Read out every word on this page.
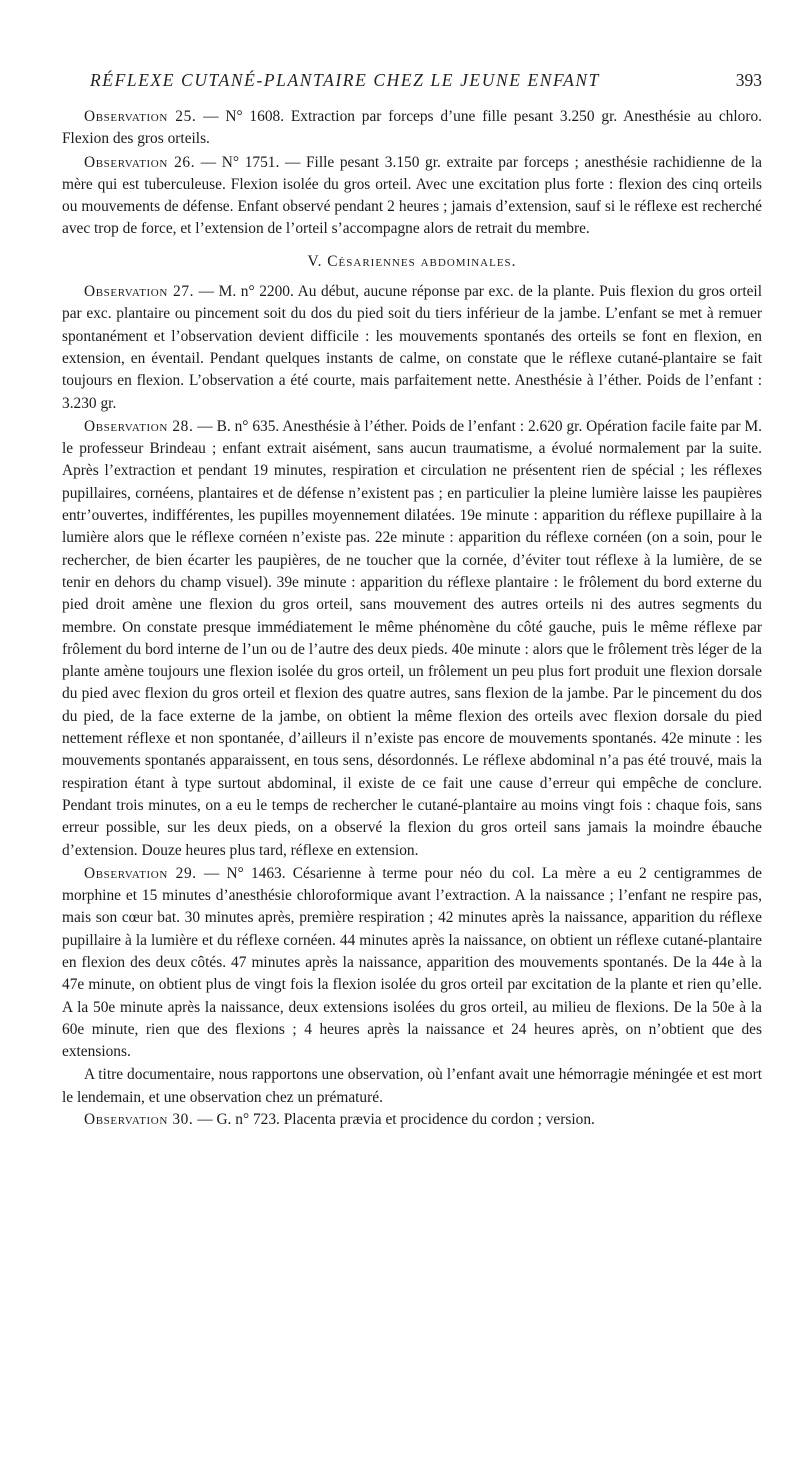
RÉFLEXE CUTANÉ-PLANTAIRE CHEZ LE JEUNE ENFANT	393

Observation 25. — N° 1608. Extraction par forceps d’une fille pesant 3.250 gr. Anesthésie au chloro. Flexion des gros orteils.

Observation 26. — N° 1751. — Fille pesant 3.150 gr. extraite par forceps ; anesthésie rachidienne de la mère qui est tuberculeuse. Flexion isolée du gros orteil. Avec une excitation plus forte : flexion des cinq orteils ou mouvements de défense. Enfant observé pendant 2 heures ; jamais d’extension, sauf si le réflexe est recherché avec trop de force, et l’extension de l’orteil s’accompagne alors de retrait du membre.

V. Césariennes abdominales.

Observation 27. — M. n° 2200. Au début, aucune réponse par exc. de la plante. Puis flexion du gros orteil par exc. plantaire ou pincement soit du dos du pied soit du tiers inférieur de la jambe. L’enfant se met à remuer spontanément et l’observation devient difficile : les mouvements spontanés des orteils se font en flexion, en extension, en éventail. Pendant quelques instants de calme, on constate que le réflexe cutané-plantaire se fait toujours en flexion. L’observation a été courte, mais parfaitement nette. Anesthésie à l’éther. Poids de l’enfant : 3.230 gr.

Observation 28. — B. n° 635. Anesthésie à l’éther. Poids de l’enfant : 2.620 gr. Opération facile faite par M. le professeur Brindeau ; enfant extrait aisément, sans aucun traumatisme, a évolué normalement par la suite. Après l’extraction et pendant 19 minutes, respiration et circulation ne présentent rien de spécial ; les réflexes pupillaires, cornéens, plantaires et de défense n’existent pas ; en particulier la pleine lumière laisse les paupières entr’ouvertes, indifférentes, les pupilles moyennement dilatées. 19e minute : apparition du réflexe pupillaire à la lumière alors que le réflexe cornéen n’existe pas. 22e minute : apparition du réflexe cornéen (on a soin, pour le rechercher, de bien écarter les paupières, de ne toucher que la cornée, d’éviter tout réflexe à la lumière, de se tenir en dehors du champ visuel). 39e minute : apparition du réflexe plantaire : le frôlement du bord externe du pied droit amène une flexion du gros orteil, sans mouvement des autres orteils ni des autres segments du membre. On constate presque immédiatement le même phénomène du côté gauche, puis le même réflexe par frôlement du bord interne de l’un ou de l’autre des deux pieds. 40e minute : alors que le frôlement très léger de la plante amène toujours une flexion isolée du gros orteil, un frôlement un peu plus fort produit une flexion dorsale du pied avec flexion du gros orteil et flexion des quatre autres, sans flexion de la jambe. Par le pincement du dos du pied, de la face externe de la jambe, on obtient la même flexion des orteils avec flexion dorsale du pied nettement réflexe et non spontanée, d’ailleurs il n’existe pas encore de mouvements spontanés. 42e minute : les mouvements spontanés apparaissent, en tous sens, désordonnés. Le réflexe abdominal n’a pas été trouvé, mais la respiration étant à type surtout abdominal, il existe de ce fait une cause d’erreur qui empêche de conclure. Pendant trois minutes, on a eu le temps de rechercher le cutané-plantaire au moins vingt fois : chaque fois, sans erreur possible, sur les deux pieds, on a observé la flexion du gros orteil sans jamais la moindre ébauche d’extension. Douze heures plus tard, réflexe en extension.

Observation 29. — N° 1463. Césarienne à terme pour néo du col. La mère a eu 2 centigrammes de morphine et 15 minutes d’anesthésie chloroformique avant l’extraction. A la naissance ; l’enfant ne respire pas, mais son cœur bat. 30 minutes après, première respiration ; 42 minutes après la naissance, apparition du réflexe pupillaire à la lumière et du réflexe cornéen. 44 minutes après la naissance, on obtient un réflexe cutané-plantaire en flexion des deux côtés. 47 minutes après la naissance, apparition des mouvements spontanés. De la 44e à la 47e minute, on obtient plus de vingt fois la flexion isolée du gros orteil par excitation de la plante et rien qu’elle. A la 50e minute après la naissance, deux extensions isolées du gros orteil, au milieu de flexions. De la 50e à la 60e minute, rien que des flexions ; 4 heures après la naissance et 24 heures après, on n’obtient que des extensions.

A titre documentaire, nous rapportons une observation, où l’enfant avait une hémorragie méningée et est mort le lendemain, et une observation chez un prématuré.

Observation 30. — G. n° 723. Placenta prævia et procidence du cordon ; version.
